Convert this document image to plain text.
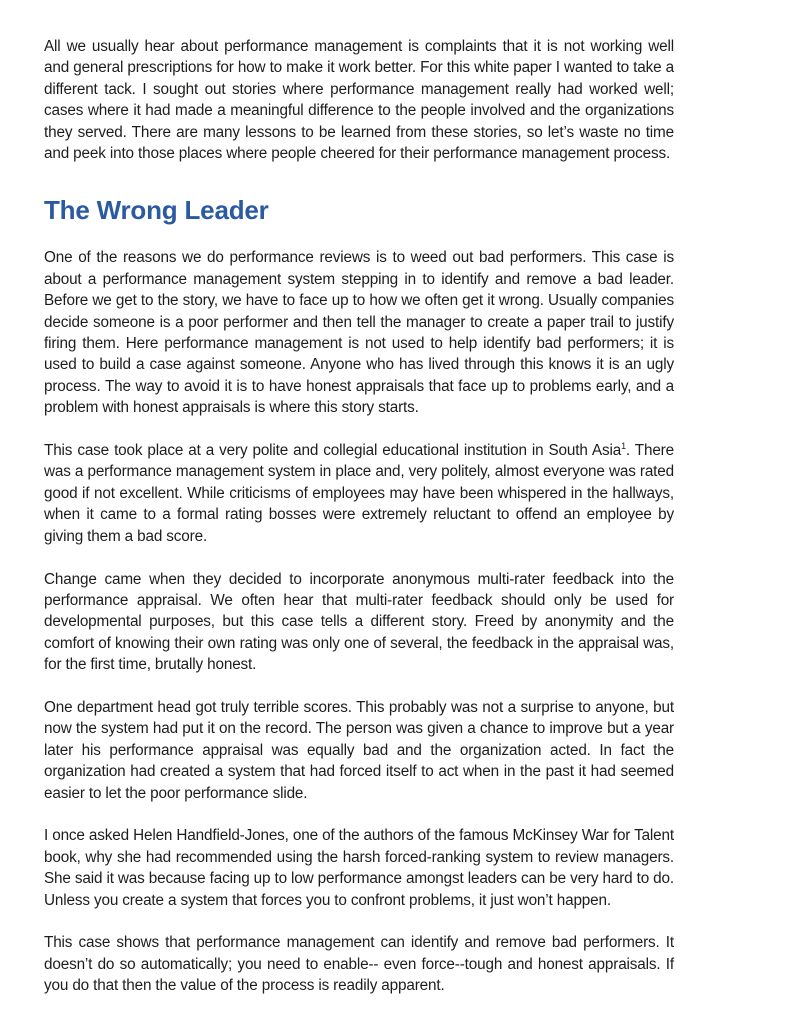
All we usually hear about performance management is complaints that it is not working well and general prescriptions for how to make it work better. For this white paper I wanted to take a different tack. I sought out stories where performance management really had worked well; cases where it had made a meaningful difference to the people involved and the organizations they served. There are many lessons to be learned from these stories, so let’s waste no time and peek into those places where people cheered for their performance management process.

The Wrong Leader

One of the reasons we do performance reviews is to weed out bad performers. This case is about a performance management system stepping in to identify and remove a bad leader. Before we get to the story, we have to face up to how we often get it wrong. Usually companies decide someone is a poor performer and then tell the manager to create a paper trail to justify firing them. Here performance management is not used to help identify bad performers; it is used to build a case against someone. Anyone who has lived through this knows it is an ugly process. The way to avoid it is to have honest appraisals that face up to problems early, and a problem with honest appraisals is where this story starts.

This case took place at a very polite and collegial educational institution in South Asia$^1$. There was a performance management system in place and, very politely, almost everyone was rated good if not excellent. While criticisms of employees may have been whispered in the hallways, when it came to a formal rating bosses were extremely reluctant to offend an employee by giving them a bad score.

Change came when they decided to incorporate anonymous multi-rater feedback into the performance appraisal. We often hear that multi-rater feedback should only be used for developmental purposes, but this case tells a different story. Freed by anonymity and the comfort of knowing their own rating was only one of several, the feedback in the appraisal was, for the first time, brutally honest.

One department head got truly terrible scores. This probably was not a surprise to anyone, but now the system had put it on the record. The person was given a chance to improve but a year later his performance appraisal was equally bad and the organization acted. In fact the organization had created a system that had forced itself to act when in the past it had seemed easier to let the poor performance slide.

I once asked Helen Handfield-Jones, one of the authors of the famous McKinsey War for Talent book, why she had recommended using the harsh forced-ranking system to review managers. She said it was because facing up to low performance amongst leaders can be very hard to do. Unless you create a system that forces you to confront problems, it just won’t happen.

This case shows that performance management can identify and remove bad performers. It doesn’t do so automatically; you need to enable-- even force--tough and honest appraisals. If you do that then the value of the process is readily apparent.
